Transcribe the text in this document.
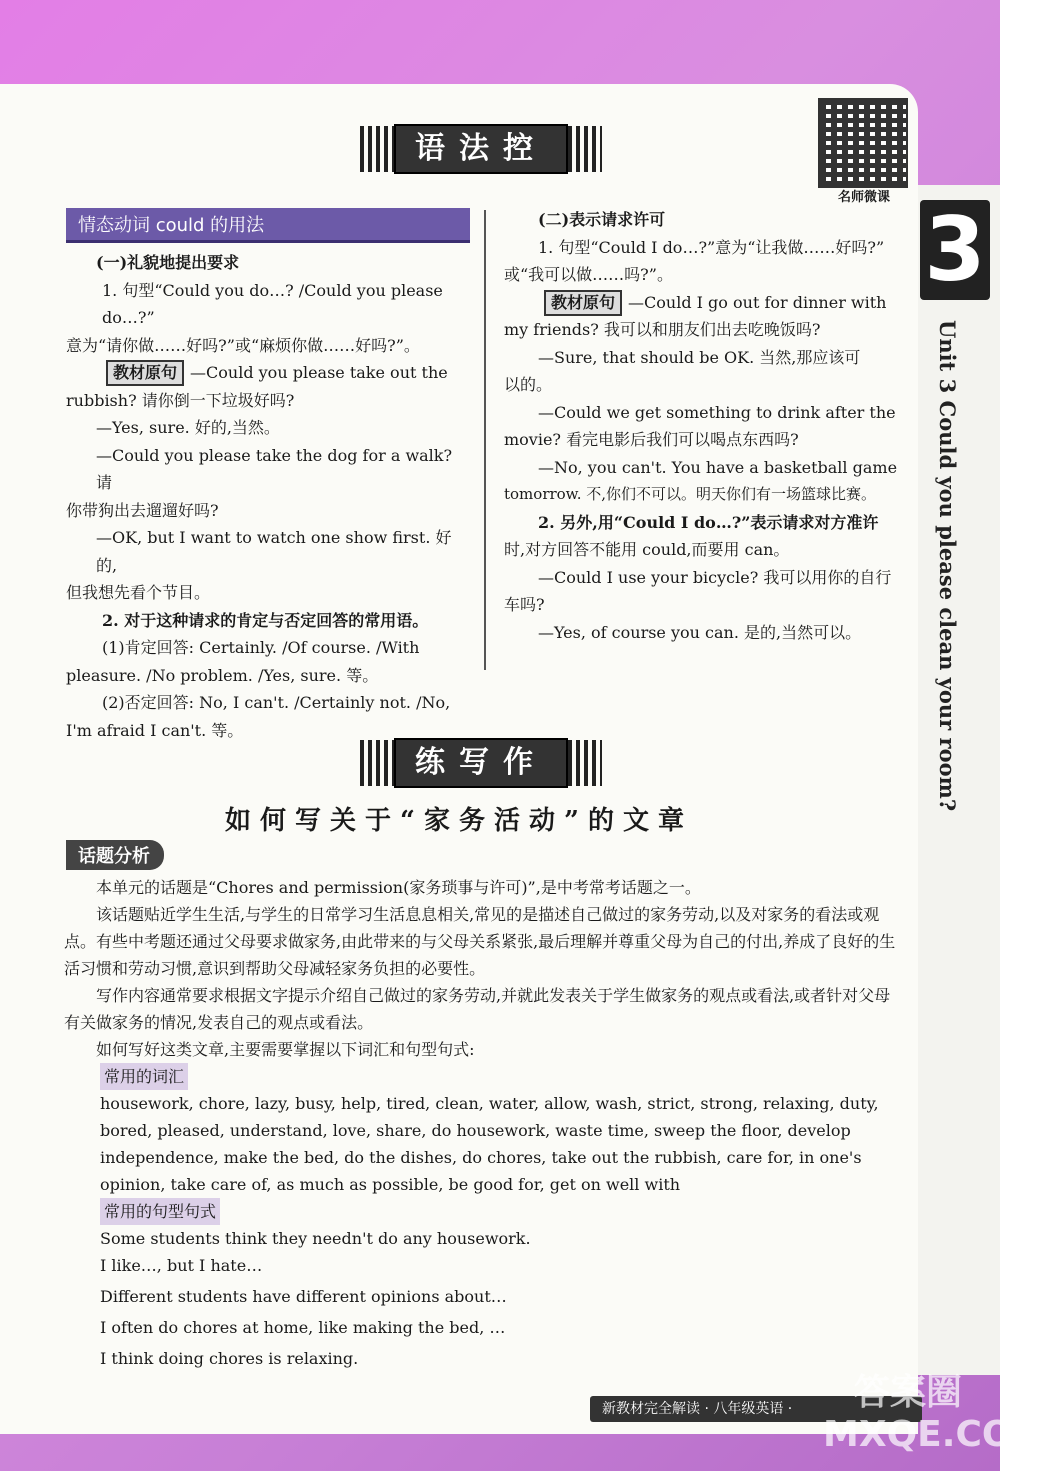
3
Unit 3 Could you please clean your room?
名师微课
语法控
情态动词 could 的用法

(一)礼貌地提出要求

1. 句型“Could you do…? /Could you please do…?”

意为“请你做……好吗?”或“麻烦你做……好吗?”。

教材原句 —Could you please take out the

rubbish? 请你倒一下垃圾好吗?

—Yes, sure. 好的,当然。

—Could you please take the dog for a walk? 请

你带狗出去遛遛好吗?

—OK, but I want to watch one show first. 好的,

但我想先看个节目。

2. 对于这种请求的肯定与否定回答的常用语。

(1)肯定回答: Certainly. /Of course. /With

pleasure. /No problem. /Yes, sure. 等。

(2)否定回答: No, I can't. /Certainly not. /No,

I'm afraid I can't. 等。

(二)表示请求许可

1. 句型“Could I do…?”意为“让我做……好吗?”

或“我可以做……吗?”。

教材原句 —Could I go out for dinner with

my friends? 我可以和朋友们出去吃晚饭吗?

—Sure, that should be OK. 当然,那应该可

以的。

—Could we get something to drink after the

movie? 看完电影后我们可以喝点东西吗?

—No, you can't. You have a basketball game

tomorrow. 不,你们不可以。明天你们有一场篮球比赛。

2. 另外,用“Could I do…?”表示请求对方准许

时,对方回答不能用 could,而要用 can。

—Could I use your bicycle? 我可以用你的自行

车吗?

—Yes, of course you can. 是的,当然可以。

练写作
如何写关于“家务活动”的文章
话题分析

本单元的话题是“Chores and permission(家务琐事与许可)”,是中考常考话题之一。

该话题贴近学生生活,与学生的日常学习生活息息相关,常见的是描述自己做过的家务劳动,以及对家务的看法或观点。有些中考题还通过父母要求做家务,由此带来的与父母关系紧张,最后理解并尊重父母为自己的付出,养成了良好的生活习惯和劳动习惯,意识到帮助父母减轻家务负担的必要性。

写作内容通常要求根据文字提示介绍自己做过的家务劳动,并就此发表关于学生做家务的观点或看法,或者针对父母有关做家务的情况,发表自己的观点或看法。

如何写好这类文章,主要需要掌握以下词汇和句型句式:

常用的词汇

housework, chore, lazy, busy, help, tired, clean, water, allow, wash, strict, strong, relaxing, duty, bored, pleased, understand, love, share, do housework, waste time, sweep the floor, develop independence, make the bed, do the dishes, do chores, take out the rubbish, care for, in one's opinion, take care of, as much as possible, be good for, get on well with

常用的句型句式

Some students think they needn't do any housework.

I like…, but I hate…

Different students have different opinions about…

I often do chores at home, like making the bed, …

I think doing chores is relaxing.

新教材完全解读 · 八年级英语 ·	答案圈 MXQE.COM
